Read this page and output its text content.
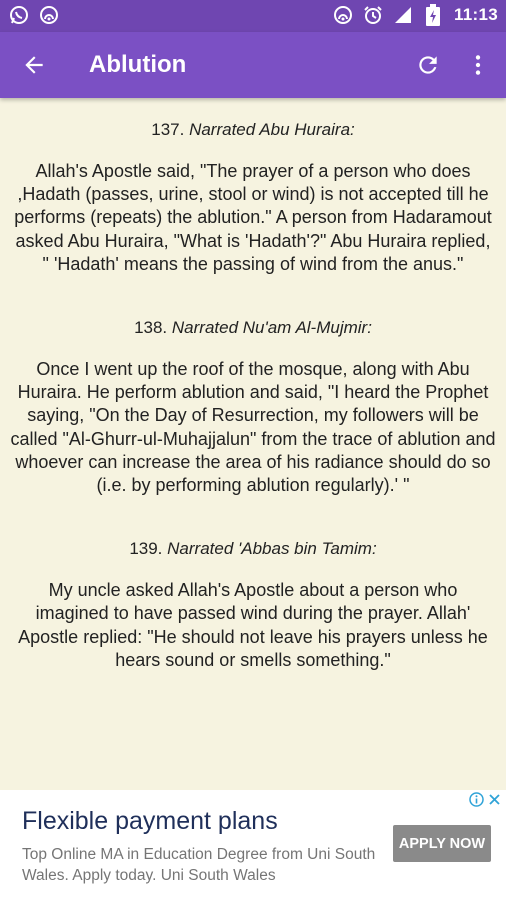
11:13
Ablution
137. Narrated Abu Huraira:
Allah's Apostle said, "The prayer of a person who does ,Hadath (passes, urine, stool or wind) is not accepted till he performs (repeats) the ablution." A person from Hadaramout asked Abu Huraira, "What is 'Hadath'?" Abu Huraira replied, " 'Hadath' means the passing of wind from the anus."
138. Narrated Nu'am Al-Mujmir:
Once I went up the roof of the mosque, along with Abu Huraira. He perform ablution and said, "I heard the Prophet saying, "On the Day of Resurrection, my followers will be called "Al-Ghurr-ul-Muhajjalun" from the trace of ablution and whoever can increase the area of his radiance should do so (i.e. by performing ablution regularly).' "
139. Narrated 'Abbas bin Tamim:
My uncle asked Allah's Apostle about a person who imagined to have passed wind during the prayer. Allah' Apostle replied: "He should not leave his prayers unless he hears sound or smells something."
Flexible payment plans
Top Online MA in Education Degree from Uni South Wales. Apply today. Uni South Wales
APPLY NOW
